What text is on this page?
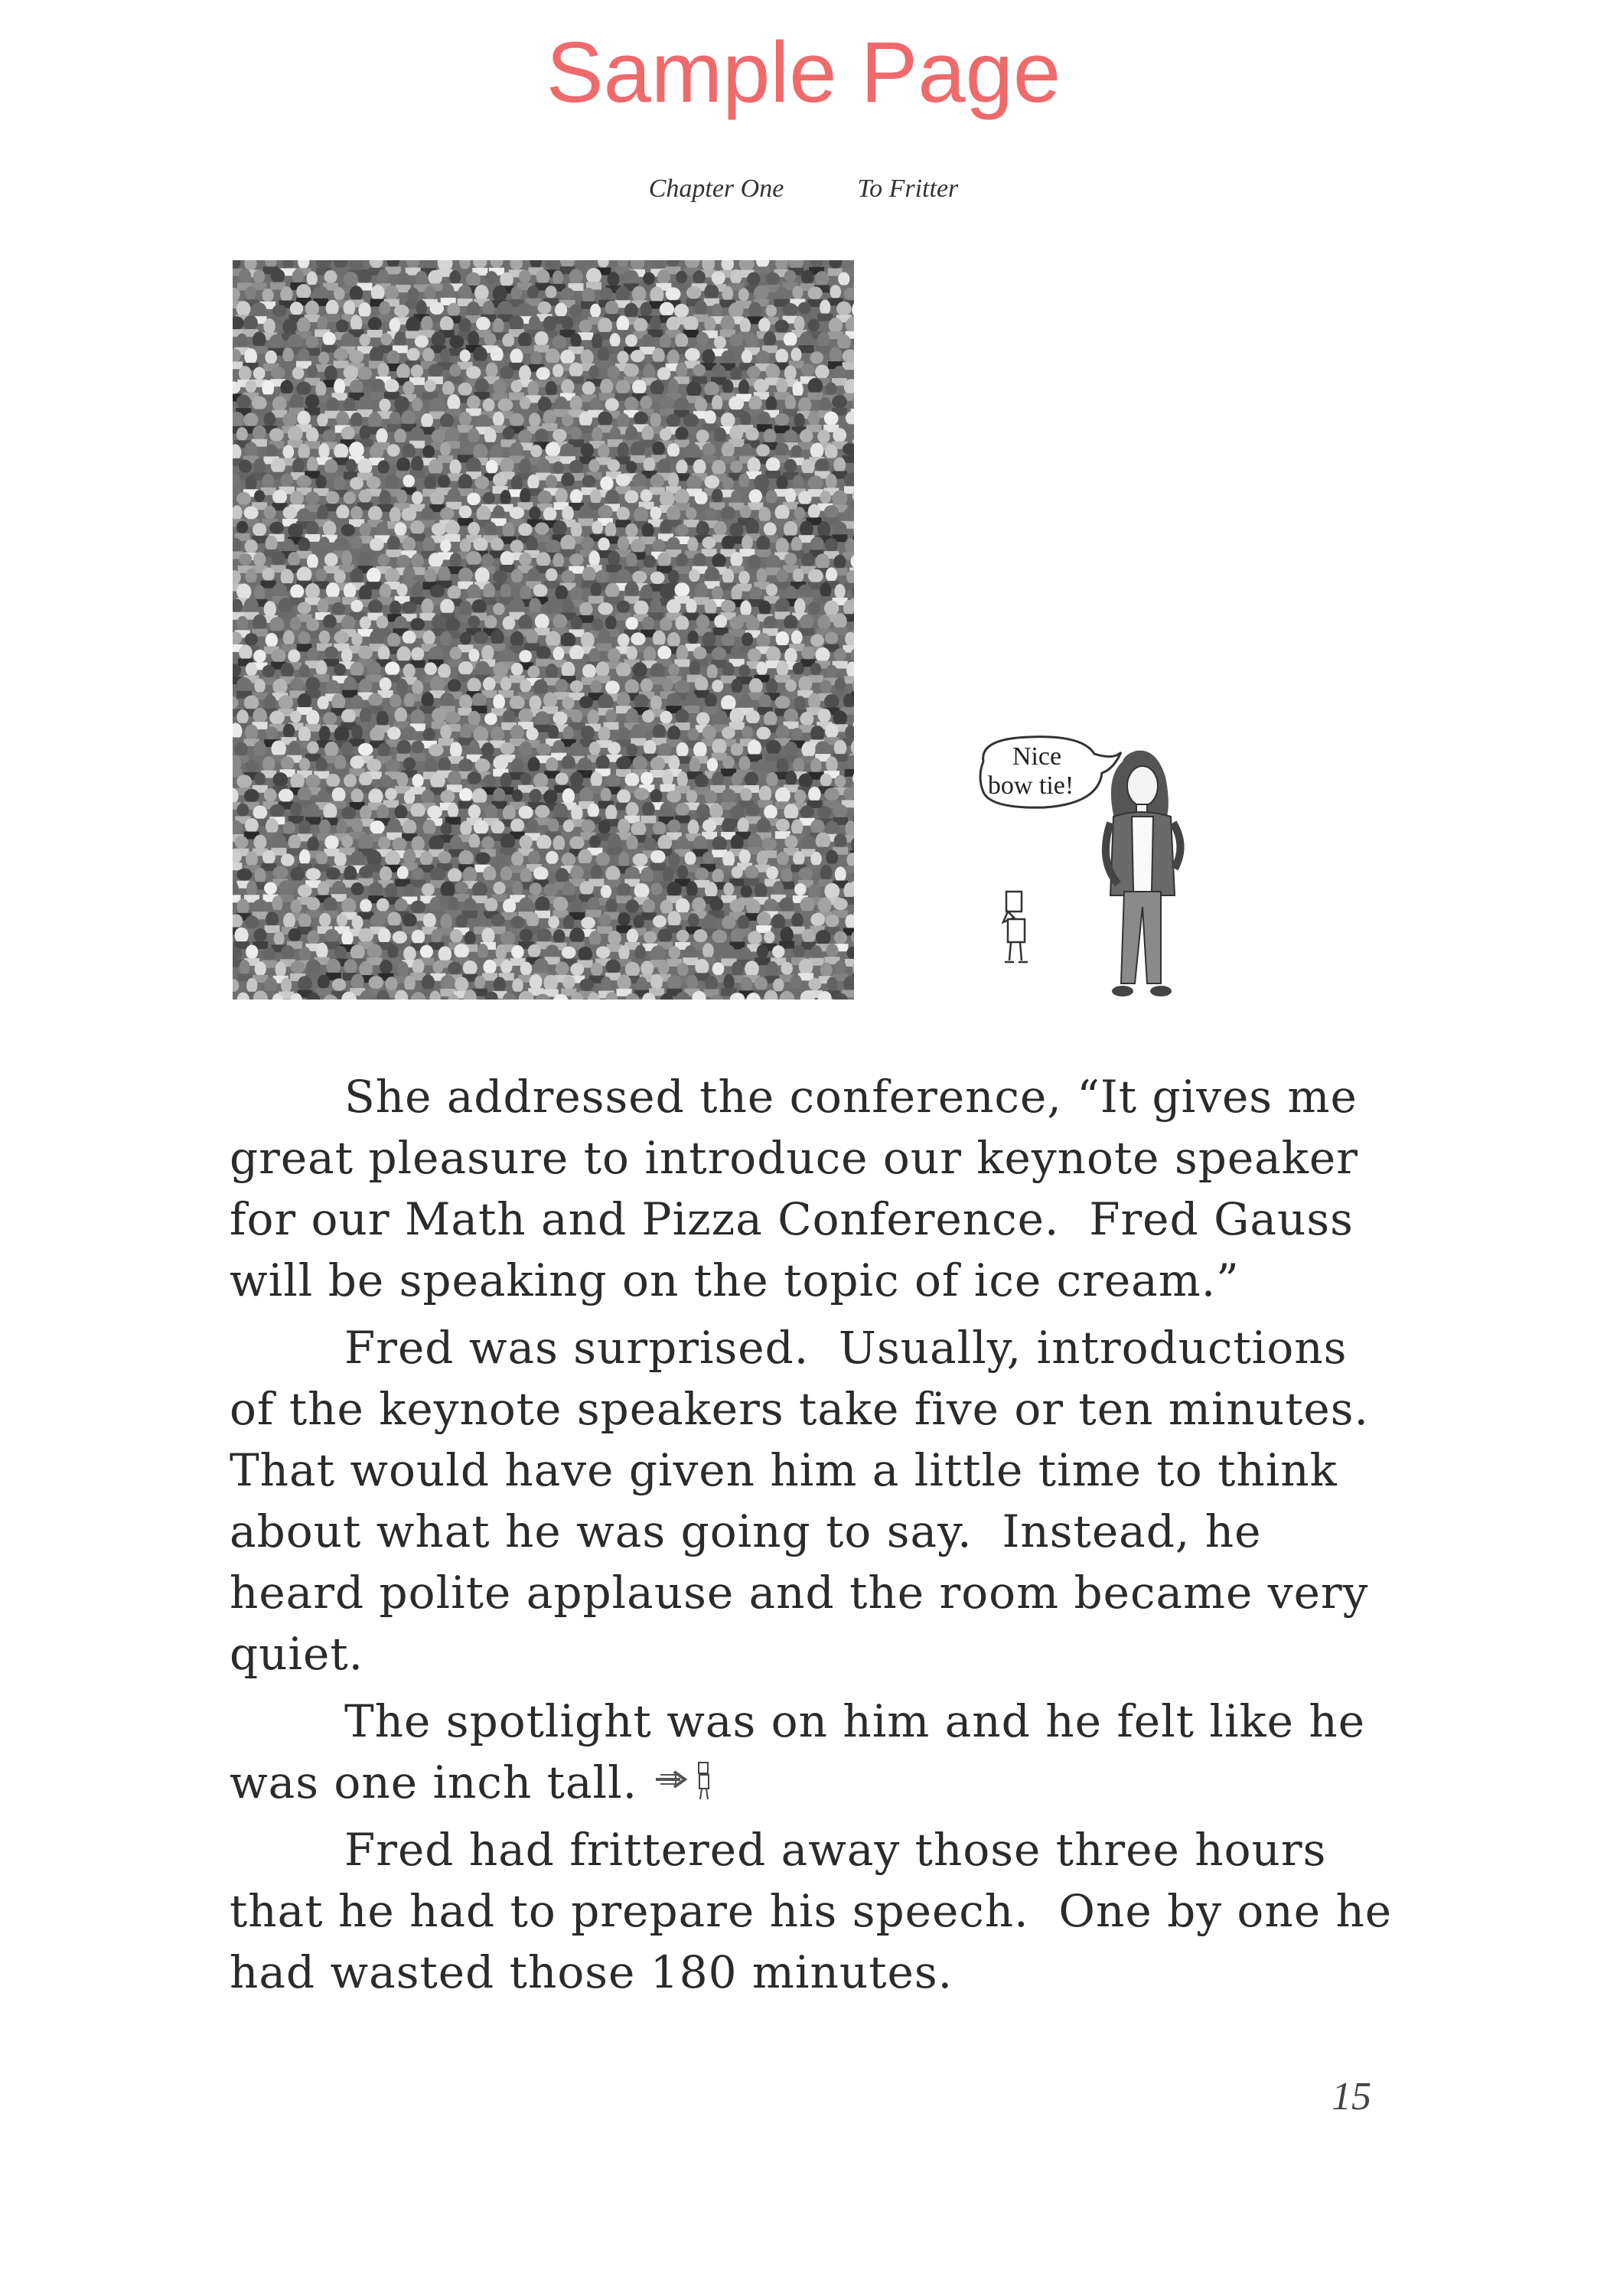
Sample Page
Chapter One	To Fritter
Nice
bow tie!

She addressed the conference, “It gives me great pleasure to introduce our keynote speaker for our Math and Pizza Conference.  Fred Gauss will be speaking on the topic of ice cream.”

Fred was surprised.  Usually, introductions of the keynote speakers take five or ten minutes. That would have given him a little time to think about what he was going to say.  Instead, he heard polite applause and the room became very quiet.

The spotlight was on him and he felt like he was one inch tall.

Fred had frittered away those three hours that he had to prepare his speech.  One by one he had wasted those 180 minutes.

15
